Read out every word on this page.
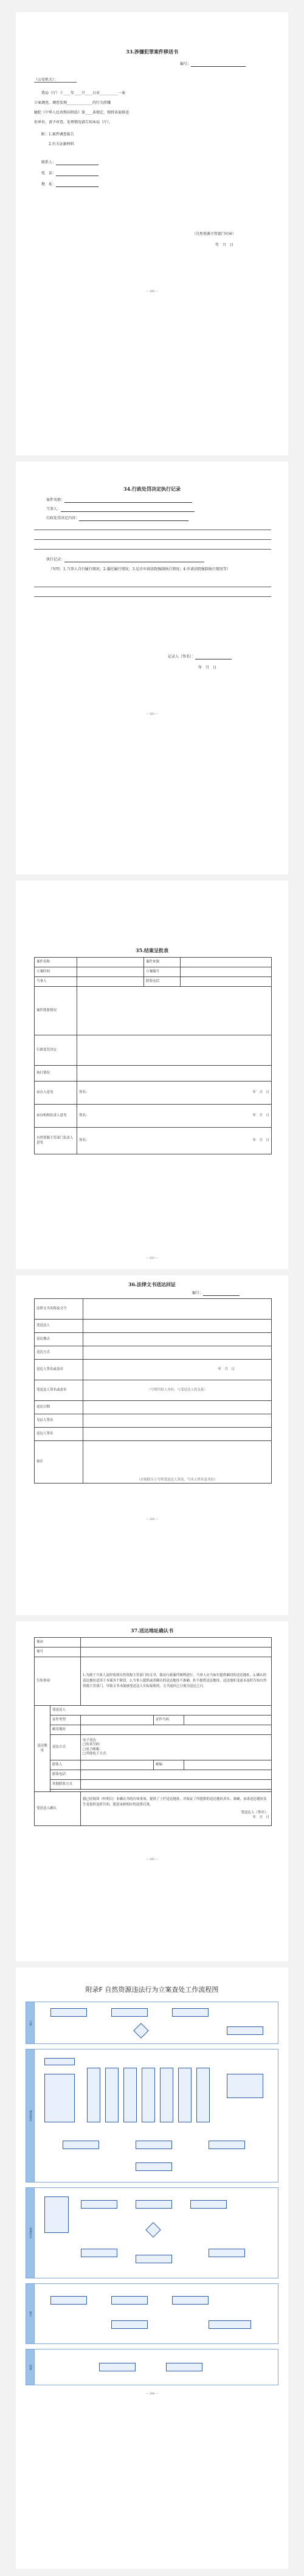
33.涉嫌犯罪案件移送书
编号：
（公安机关）：
我局（厅）于____年____月____日对__________一案
立案调查，调查发现______________的行为涉嫌
触犯《中华人民共和国刑法》第____条规定，现将该案移送
你单位，请予审查。处理情况请告知本局（厅）。
附：1.案件调查报告
2.有关证据材料
联系人：
电　话：
地　址：
（自然资源主管部门印章）
年　月　日
— 200 —
34.行政处罚决定执行记录
案件名称：
当事人：
行政处罚决定内容：
执行记录：
（写明：1.当事人自行履行情况；2.委托履行情况；3.是否申请法院强制执行情况；4.申请法院强制执行情况等）
记录人（签名）：
年　月　日
— 202 —
35.结案呈批表
案件名称		案件来源	
立案时间		立案编号	
当事人		联系电话	
案件简要情况			
行政处罚决定			
执行情况			
承办人意见	签名： 年　月　日		

承办机构负责人意见	签名： 年　月　日		

自然资源主管部门负责人意见	签名： 年　月　日		
— 203 —
36.法律文书送达回证
编号：
法律文书名称及文号	
受送达人	
送达地点	
送达方式	
送达人签名或盖章	年　月　日
受送达人签名或盖章	（写明代收人身份、与受送达人的关系）
送达日期	
见证人签名	
送达人签名	
备注	（存根联另立写明受送达人签名，写出人姓名及身份）
— 204 —
37.送达地址确认书
案由				
案号				
告知事项		1.为便于当事人及时收到自然资源主管部门的文书，保证行政案件顺利进行，当事人应当如实提供确切的送达地址。2.确认的送达地址适用于本案各个阶段。3.当事人提供或者确认的送达地址不准确、拒不提供送达地址，送达地址变更未及时告知自然资源主管部门，导致文书未能被受送达人实际接收的，文书退回之日视为送达之日。		
送达地址	受送达人			
	证件类型		证件号码	
	邮寄地址			
	送达方式	电子送达
□传真号码：
□电子邮箱：
□其他电子方式：		

	联系人		邮编	
	联系电话			
	其他联系方式			

受送达人确认		我已经阅读（听明白）本确认书的告知事项，提供了上栏送达地址，并保证了所提供的送达地址真实、准确，承诺送达地址发生变更时及时告知，愿意承担相应的法律后果。
受送达人（签章）：
年　月　日		
— 205 —
附录F 自然资源违法行为立案查处工作流程图
立案
调查取证
审理决定
执行
结案
— 206 —
